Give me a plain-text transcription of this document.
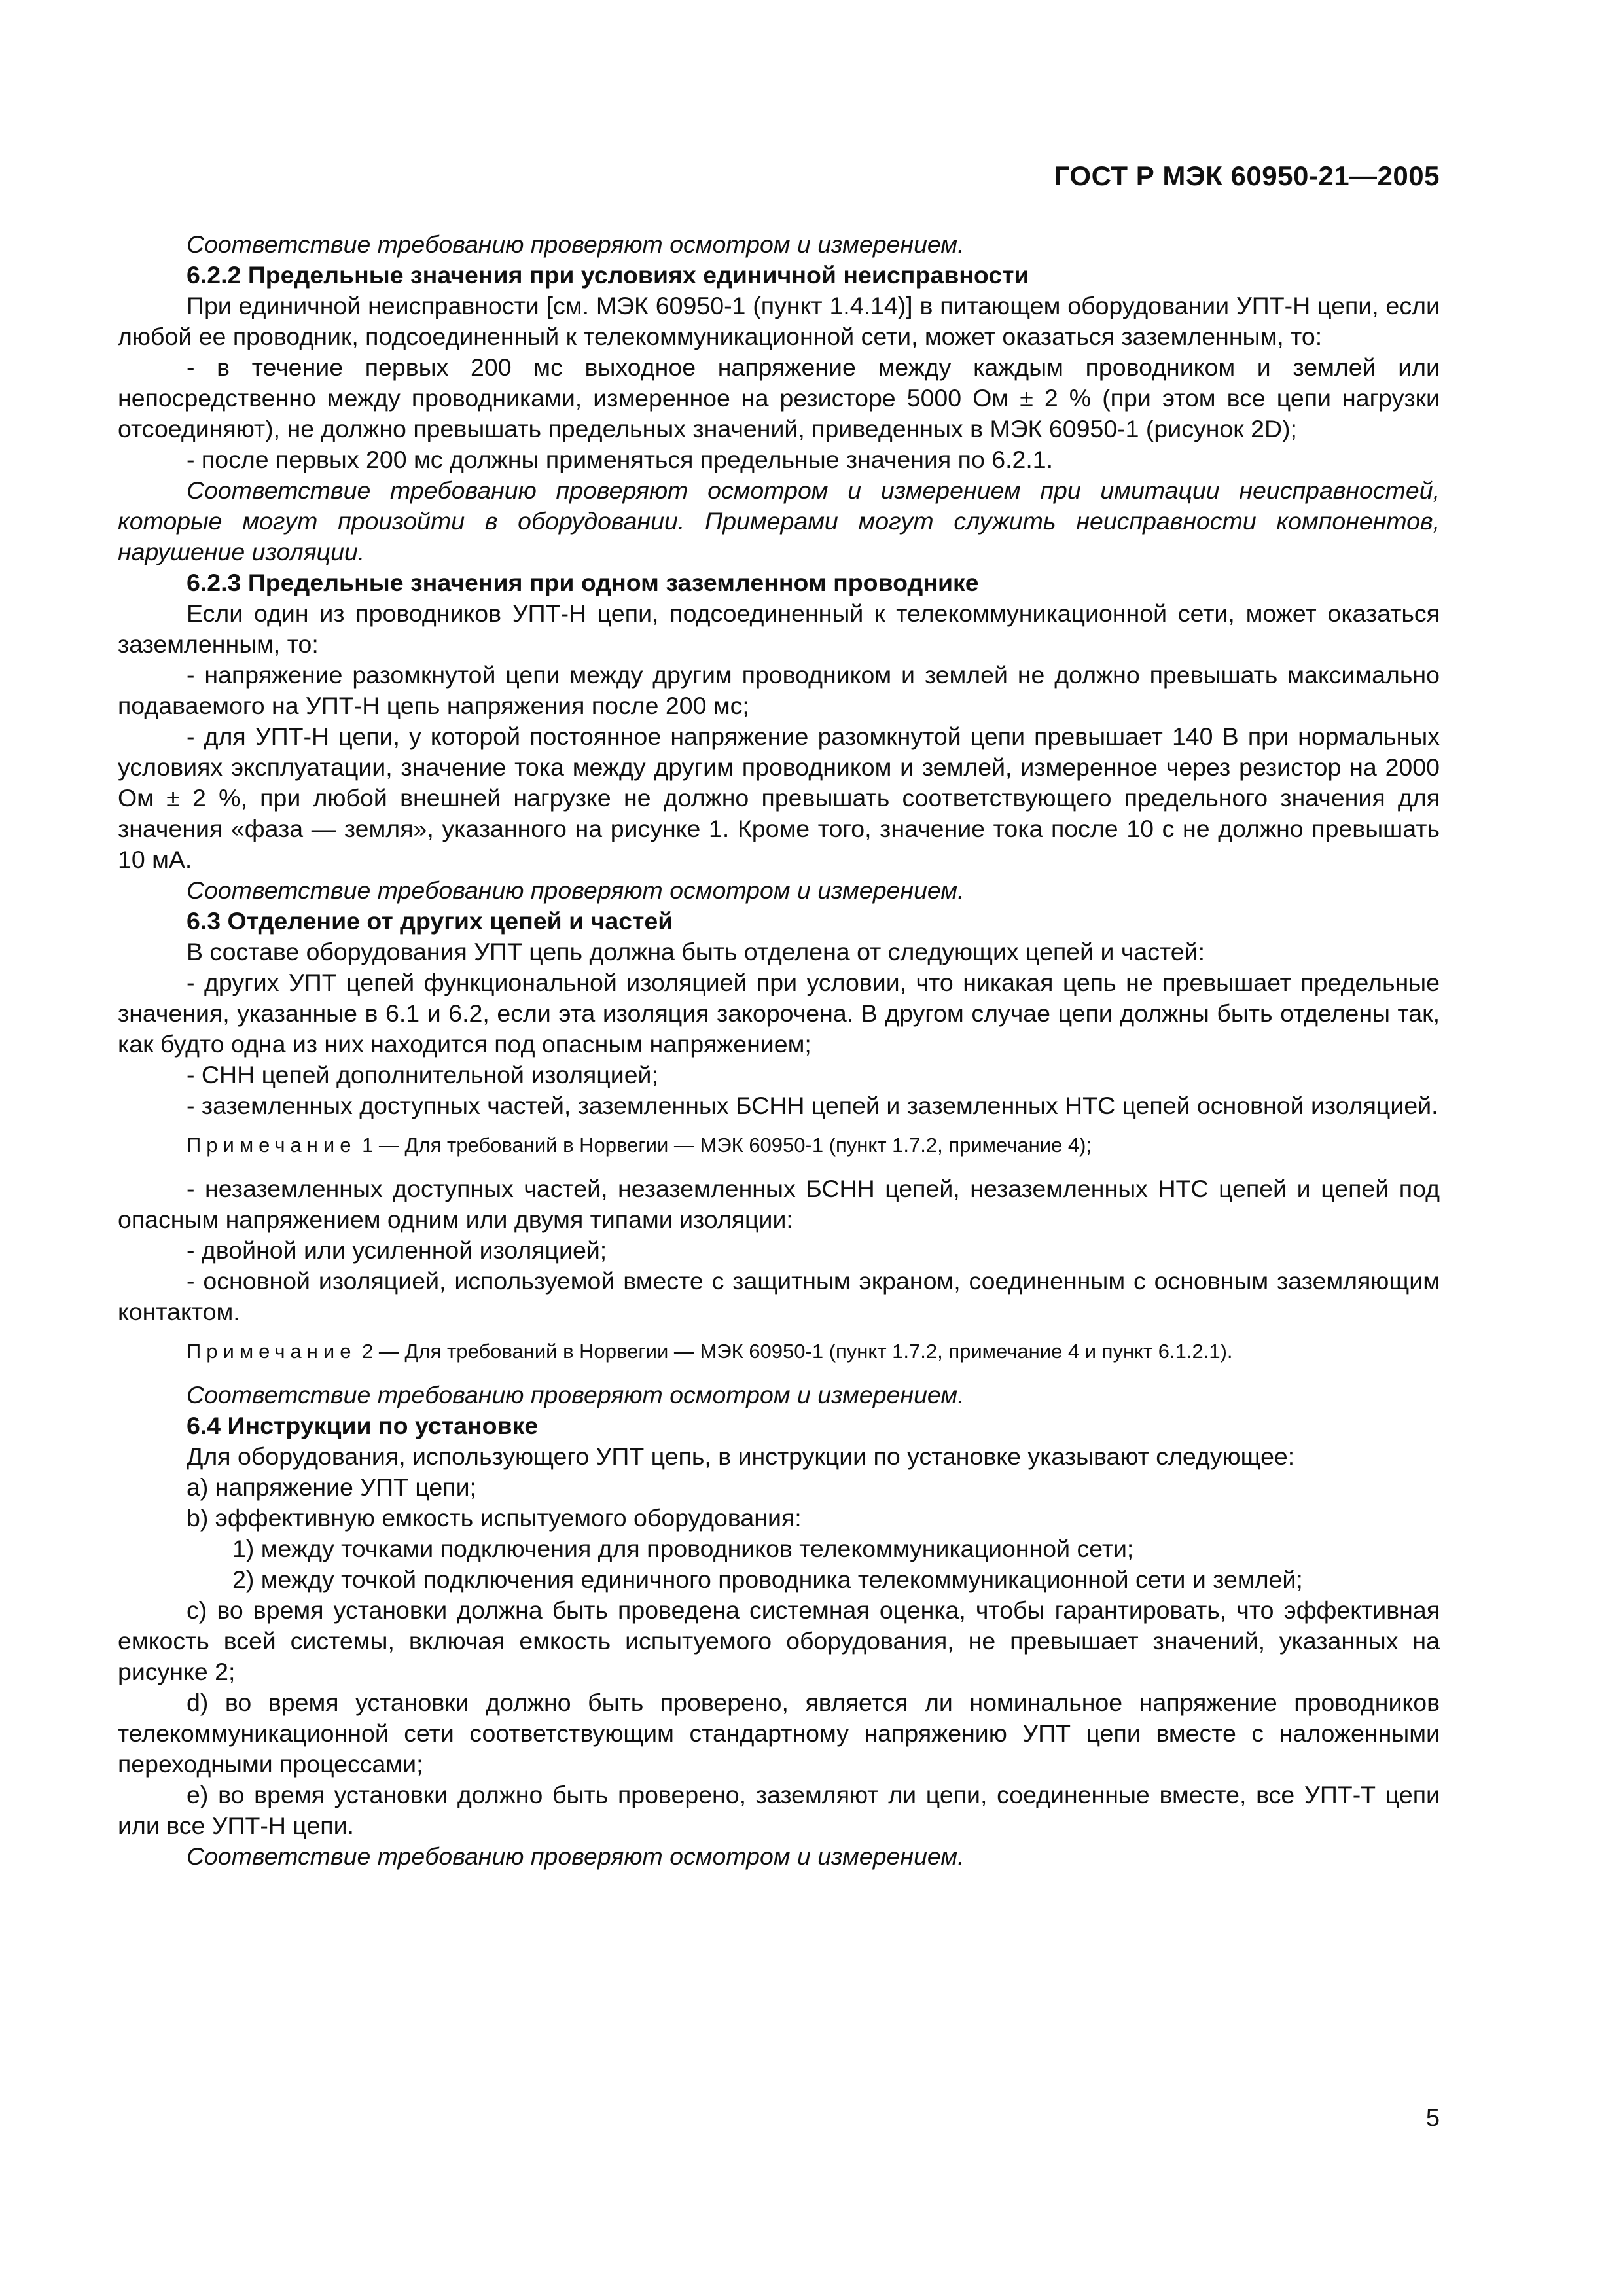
ГОСТ Р МЭК 60950-21—2005

Соответствие требованию проверяют осмотром и измерением.

6.2.2 Предельные значения при условиях единичной неисправности

При единичной неисправности [см. МЭК 60950-1 (пункт 1.4.14)] в питающем оборудовании УПТ-Н цепи, если любой ее проводник, подсоединенный к телекоммуникационной сети, может оказаться заземленным, то:

- в течение первых 200 мс выходное напряжение между каждым проводником и землей или непосредственно между проводниками, измеренное на резисторе 5000 Ом ± 2 % (при этом все цепи нагрузки отсоединяют), не должно превышать предельных значений, приведенных в МЭК 60950-1 (рисунок 2D);

- после первых 200 мс должны применяться предельные значения по 6.2.1.

Соответствие требованию проверяют осмотром и измерением при имитации неисправностей, которые могут произойти в оборудовании. Примерами могут служить неисправности компонентов, нарушение изоляции.

6.2.3 Предельные значения при одном заземленном проводнике

Если один из проводников УПТ-Н цепи, подсоединенный к телекоммуникационной сети, может оказаться заземленным, то:

- напряжение разомкнутой цепи между другим проводником и землей не должно превышать максимально подаваемого на УПТ-Н цепь напряжения после 200 мс;

- для УПТ-Н цепи, у которой постоянное напряжение разомкнутой цепи превышает 140 В при нормальных условиях эксплуатации, значение тока между другим проводником и землей, измеренное через резистор на 2000 Ом ± 2 %, при любой внешней нагрузке не должно превышать соответствующего предельного значения для значения «фаза — земля», указанного на рисунке 1. Кроме того, значение тока после 10 с не должно превышать 10 мА.

Соответствие требованию проверяют осмотром и измерением.

6.3 Отделение от других цепей и частей

В составе оборудования УПТ цепь должна быть отделена от следующих цепей и частей:

- других УПТ цепей функциональной изоляцией при условии, что никакая цепь не превышает предельные значения, указанные в 6.1 и 6.2, если эта изоляция закорочена. В другом случае цепи должны быть отделены так, как будто одна из них находится под опасным напряжением;

- СНН цепей дополнительной изоляцией;

- заземленных доступных частей, заземленных БСНН цепей и заземленных НТС цепей основной изоляцией.

Примечание 1 — Для требований в Норвегии — МЭК 60950-1 (пункт 1.7.2, примечание 4);

- незаземленных доступных частей, незаземленных БСНН цепей, незаземленных НТС цепей и цепей под опасным напряжением одним или двумя типами изоляции:

- двойной или усиленной изоляцией;

- основной изоляцией, используемой вместе с защитным экраном, соединенным с основным заземляющим контактом.

Примечание 2 — Для требований в Норвегии — МЭК 60950-1 (пункт 1.7.2, примечание 4 и пункт 6.1.2.1).

Соответствие требованию проверяют осмотром и измерением.

6.4 Инструкции по установке

Для оборудования, использующего УПТ цепь, в инструкции по установке указывают следующее:

a) напряжение УПТ цепи;

b) эффективную емкость испытуемого оборудования:

1) между точками подключения для проводников телекоммуникационной сети;

2) между точкой подключения единичного проводника телекоммуникационной сети и землей;

c) во время установки должна быть проведена системная оценка, чтобы гарантировать, что эффективная емкость всей системы, включая емкость испытуемого оборудования, не превышает значений, указанных на рисунке 2;

d) во время установки должно быть проверено, является ли номинальное напряжение проводников телекоммуникационной сети соответствующим стандартному напряжению УПТ цепи вместе с наложенными переходными процессами;

e) во время установки должно быть проверено, заземляют ли цепи, соединенные вместе, все УПТ-Т цепи или все УПТ-Н цепи.

Соответствие требованию проверяют осмотром и измерением.

5
